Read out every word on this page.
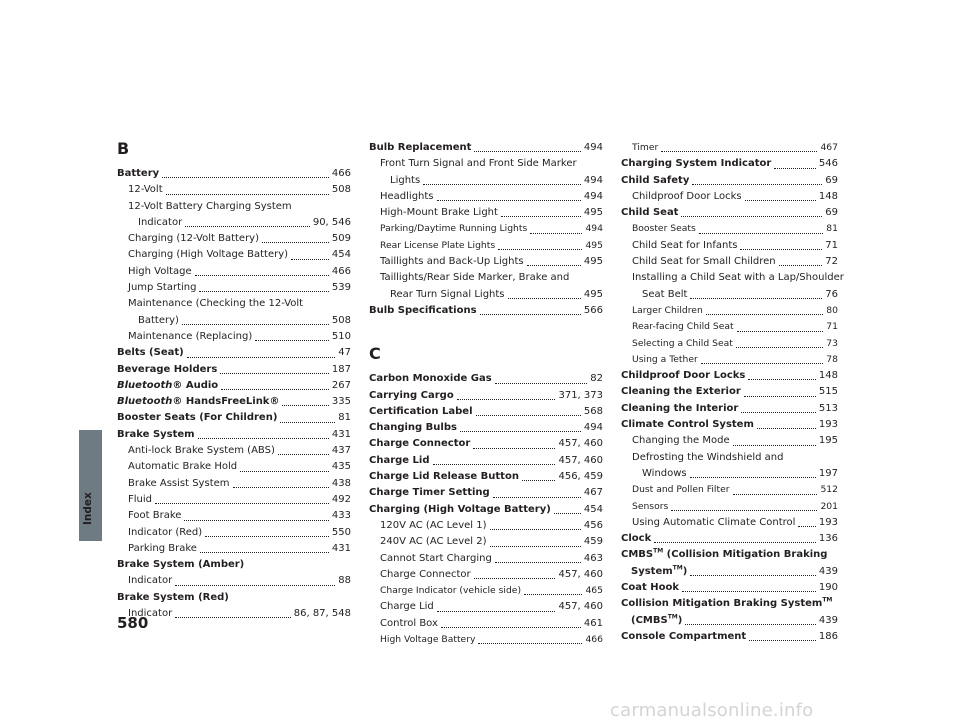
Index
580
carmanualsonline.info
B
Battery	466
12-Volt	508
12-Volt Battery Charging System
Indicator	90, 546
Charging (12-Volt Battery)	509
Charging (High Voltage Battery)	454
High Voltage	466
Jump Starting	539
Maintenance (Checking the 12-Volt
Battery)	508
Maintenance (Replacing)	510
Belts (Seat)	47
Beverage Holders	187
Bluetooth® Audio	267
Bluetooth® HandsFreeLink®	335
Booster Seats (For Children)	81
Brake System	431
Anti-lock Brake System (ABS)	437
Automatic Brake Hold	435
Brake Assist System	438
Fluid	492
Foot Brake	433
Indicator (Red)	550
Parking Brake	431
Brake System (Amber)
Indicator	88
Brake System (Red)
Indicator	86, 87, 548
Bulb Replacement	494
Front Turn Signal and Front Side Marker
Lights	494
Headlights	494
High-Mount Brake Light	495
Parking/Daytime Running Lights	494
Rear License Plate Lights	495
Taillights and Back-Up Lights	495
Taillights/Rear Side Marker, Brake and
Rear Turn Signal Lights	495
Bulb Specifications	566
C
Carbon Monoxide Gas	82
Carrying Cargo	371, 373
Certification Label	568
Changing Bulbs	494
Charge Connector	457, 460
Charge Lid	457, 460
Charge Lid Release Button	456, 459
Charge Timer Setting	467
Charging (High Voltage Battery)	454
120V AC (AC Level 1)	456
240V AC (AC Level 2)	459
Cannot Start Charging	463
Charge Connector	457, 460
Charge Indicator (vehicle side)	465
Charge Lid	457, 460
Control Box	461
High Voltage Battery	466
Timer	467
Charging System Indicator	546
Child Safety	69
Childproof Door Locks	148
Child Seat	69
Booster Seats	81
Child Seat for Infants	71
Child Seat for Small Children	72
Installing a Child Seat with a Lap/Shoulder
Seat Belt	76
Larger Children	80
Rear-facing Child Seat	71
Selecting a Child Seat	73
Using a Tether	78
Childproof Door Locks	148
Cleaning the Exterior	515
Cleaning the Interior	513
Climate Control System	193
Changing the Mode	195
Defrosting the Windshield and
Windows	197
Dust and Pollen Filter	512
Sensors	201
Using Automatic Climate Control 193
Clock	136
CMBS™ (Collision Mitigation Braking
System™)	439
Coat Hook	190
Collision Mitigation Braking System™
(CMBS™)	439
Console Compartment	186
